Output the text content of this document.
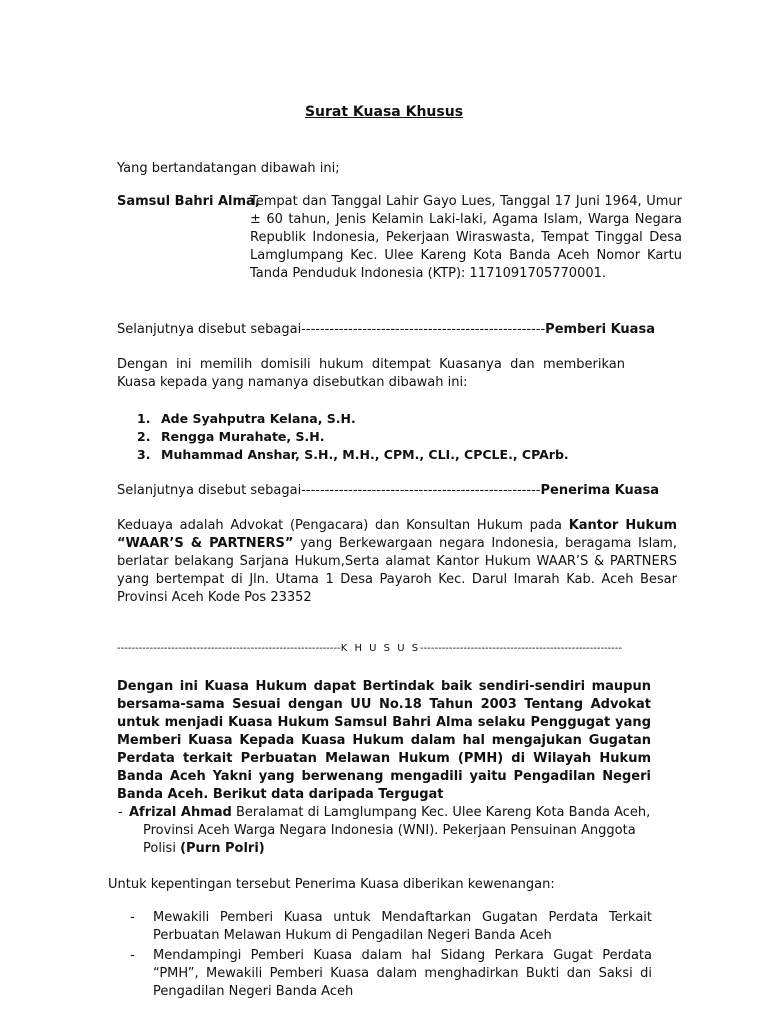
Surat Kuasa Khusus

Yang bertandatangan dibawah ini;

Samsul Bahri Alma,
Tempat dan Tanggal Lahir Gayo Lues, Tanggal 17 Juni 1964, Umur ± 60 tahun, Jenis Kelamin Laki-laki, Agama Islam, Warga Negara Republik Indonesia, Pekerjaan Wiraswasta, Tempat Tinggal Desa Lamglumpang Kec. Ulee Kareng Kota Banda Aceh Nomor Kartu Tanda Penduduk Indonesia (KTP): 1171091705770001.

Selanjutnya disebut sebagai----------------------------------------------------Pemberi Kuasa

Dengan ini memilih domisili hukum ditempat Kuasanya dan memberikan Kuasa kepada yang namanya disebutkan dibawah ini:

1. Ade Syahputra Kelana, S.H.
2. Rengga Murahate, S.H.
3. Muhammad Anshar, S.H., M.H., CPM., CLI., CPCLE., CPArb.

Selanjutnya disebut sebagai---------------------------------------------------Penerima Kuasa

Keduaya adalah Advokat (Pengacara) dan Konsultan Hukum pada Kantor Hukum “WAAR’S & PARTNERS” yang Berkewargaan negara Indonesia, beragama Islam, berlatar belakang Sarjana Hukum,Serta alamat Kantor Hukum WAAR’S & PARTNERS yang bertempat di Jln. Utama 1 Desa Payaroh Kec. Darul Imarah Kab. Aceh Besar Provinsi Aceh Kode Pos 23352

--------------------------------------------------------------K H U S U S--------------------------------------------------------

Dengan ini Kuasa Hukum dapat Bertindak baik sendiri-sendiri maupun bersama-sama Sesuai dengan UU No.18 Tahun 2003 Tentang Advokat untuk menjadi Kuasa Hukum Samsul Bahri Alma selaku Penggugat yang Memberi Kuasa Kepada Kuasa Hukum dalam hal mengajukan Gugatan Perdata terkait Perbuatan Melawan Hukum (PMH) di Wilayah Hukum Banda Aceh Yakni yang berwenang mengadili yaitu Pengadilan Negeri Banda Aceh. Berikut data daripada Tergugat

- Afrizal Ahmad Beralamat di Lamglumpang Kec. Ulee Kareng Kota Banda Aceh, Provinsi Aceh Warga Negara Indonesia (WNI). Pekerjaan Pensuinan Anggota Polisi (Purn Polri)

Untuk kepentingan tersebut Penerima Kuasa diberikan kewenangan:

- Mewakili Pemberi Kuasa untuk Mendaftarkan Gugatan Perdata Terkait Perbuatan Melawan Hukum di Pengadilan Negeri Banda Aceh
- Mendampingi Pemberi Kuasa dalam hal Sidang Perkara Gugat Perdata “PMH”, Mewakili Pemberi Kuasa dalam menghadirkan Bukti dan Saksi di Pengadilan Negeri Banda Aceh
